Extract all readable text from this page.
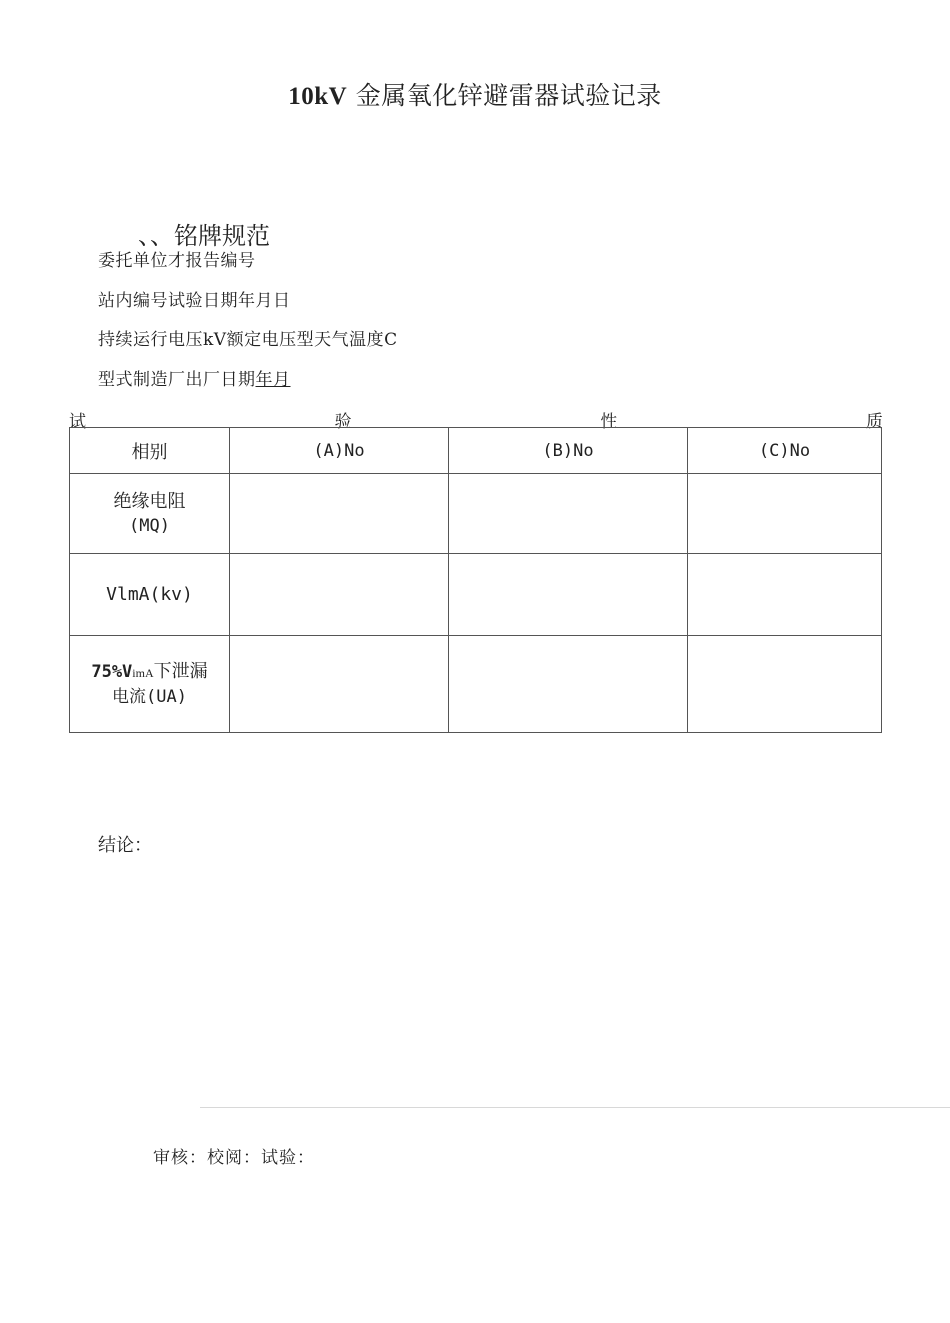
10kV 金属氧化锌避雷器试验记录
、、铭牌规范
委托单位才报告编号
站内编号试验日期年月日
持续运行电压kV额定电压型天气温度C
型式制造厂出厂日期年月
试	验	性	质
相别	(A)No	(B)No	(C)No

绝缘电阻
(MQ)			

VlmA(kv)			

75%VimA下泄漏
电流(UA)			

结论：
审核：校阅：试验：
